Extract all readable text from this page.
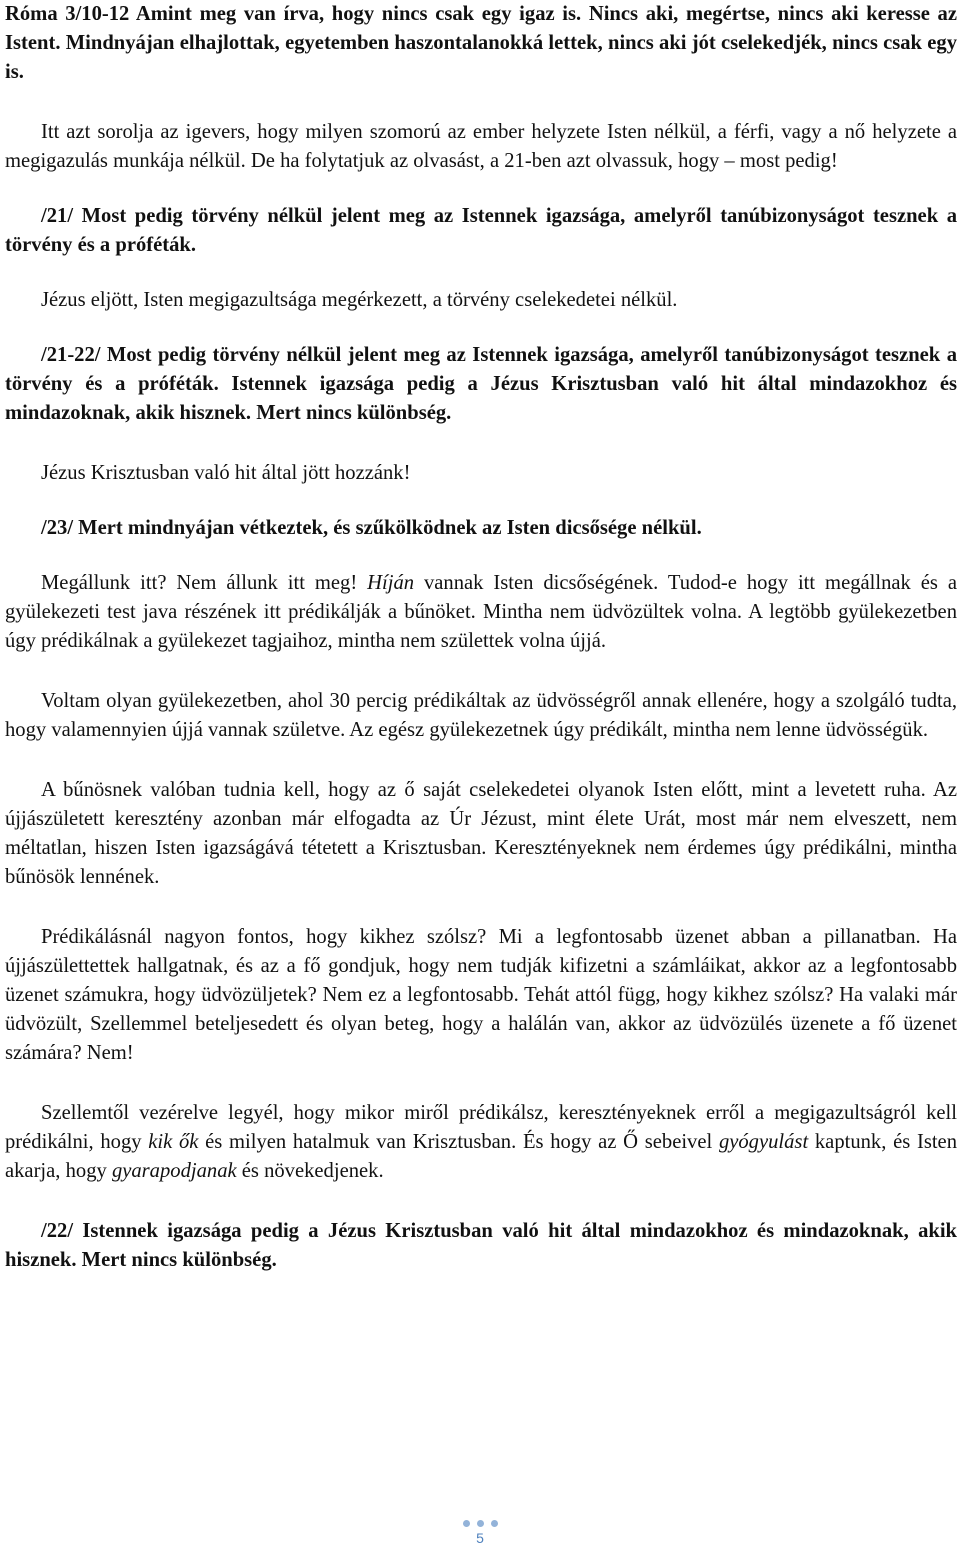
Róma 3/10-12 Amint meg van írva, hogy nincs csak egy igaz is. Nincs aki, megértse, nincs aki keresse az Istent. Mindnyájan elhajlottak, egyetemben haszontalanokká lettek, nincs aki jót cselekedjék, nincs csak egy is.

Itt azt sorolja az igevers, hogy milyen szomorú az ember helyzete Isten nélkül, a férfi, vagy a nő helyzete a megigazulás munkája nélkül. De ha folytatjuk az olvasást, a 21-ben azt olvassuk, hogy – most pedig!

/21/ Most pedig törvény nélkül jelent meg az Istennek igazsága, amelyről tanúbizonyságot tesznek a törvény és a próféták.

Jézus eljött, Isten megigazultsága megérkezett, a törvény cselekedetei nélkül.

/21-22/ Most pedig törvény nélkül jelent meg az Istennek igazsága, amelyről tanúbizonyságot tesznek a törvény és a próféták. Istennek igazsága pedig a Jézus Krisztusban való hit által mindazokhoz és mindazoknak, akik hisznek. Mert nincs különbség.

Jézus Krisztusban való hit által jött hozzánk!

/23/ Mert mindnyájan vétkeztek, és szűkölködnek az Isten dicsősége nélkül.

Megállunk itt? Nem állunk itt meg! Híján vannak Isten dicsőségének. Tudod-e hogy itt megállnak és a gyülekezeti test java részének itt prédikálják a bűnöket. Mintha nem üdvözültek volna. A legtöbb gyülekezetben úgy prédikálnak a gyülekezet tagjaihoz, mintha nem születtek volna újjá.

Voltam olyan gyülekezetben, ahol 30 percig prédikáltak az üdvösségről annak ellenére, hogy a szolgáló tudta, hogy valamennyien újjá vannak születve. Az egész gyülekezetnek úgy prédikált, mintha nem lenne üdvösségük.

A bűnösnek valóban tudnia kell, hogy az ő saját cselekedetei olyanok Isten előtt, mint a levetett ruha. Az újjászületett keresztény azonban már elfogadta az Úr Jézust, mint élete Urát, most már nem elveszett, nem méltatlan, hiszen Isten igazságává tétetett a Krisztusban. Keresztényeknek nem érdemes úgy prédikálni, mintha bűnösök lennének.

Prédikálásnál nagyon fontos, hogy kikhez szólsz? Mi a legfontosabb üzenet abban a pillanatban. Ha újjászülettettek hallgatnak, és az a fő gondjuk, hogy nem tudják kifizetni a számláikat, akkor az a legfontosabb üzenet számukra, hogy üdvözüljetek? Nem ez a legfontosabb. Tehát attól függ, hogy kikhez szólsz? Ha valaki már üdvözült, Szellemmel beteljesedett és olyan beteg, hogy a halálán van, akkor az üdvözülés üzenete a fő üzenet számára? Nem!

Szellemtől vezérelve legyél, hogy mikor miről prédikálsz, keresztényeknek erről a megigazultságról kell prédikálni, hogy kik ők és milyen hatalmuk van Krisztusban. És hogy az Ő sebeivel gyógyulást kaptunk, és Isten akarja, hogy gyarapodjanak és növekedjenek.

/22/ Istennek igazsága pedig a Jézus Krisztusban való hit által mindazokhoz és mindazoknak, akik hisznek. Mert nincs különbség.

5
